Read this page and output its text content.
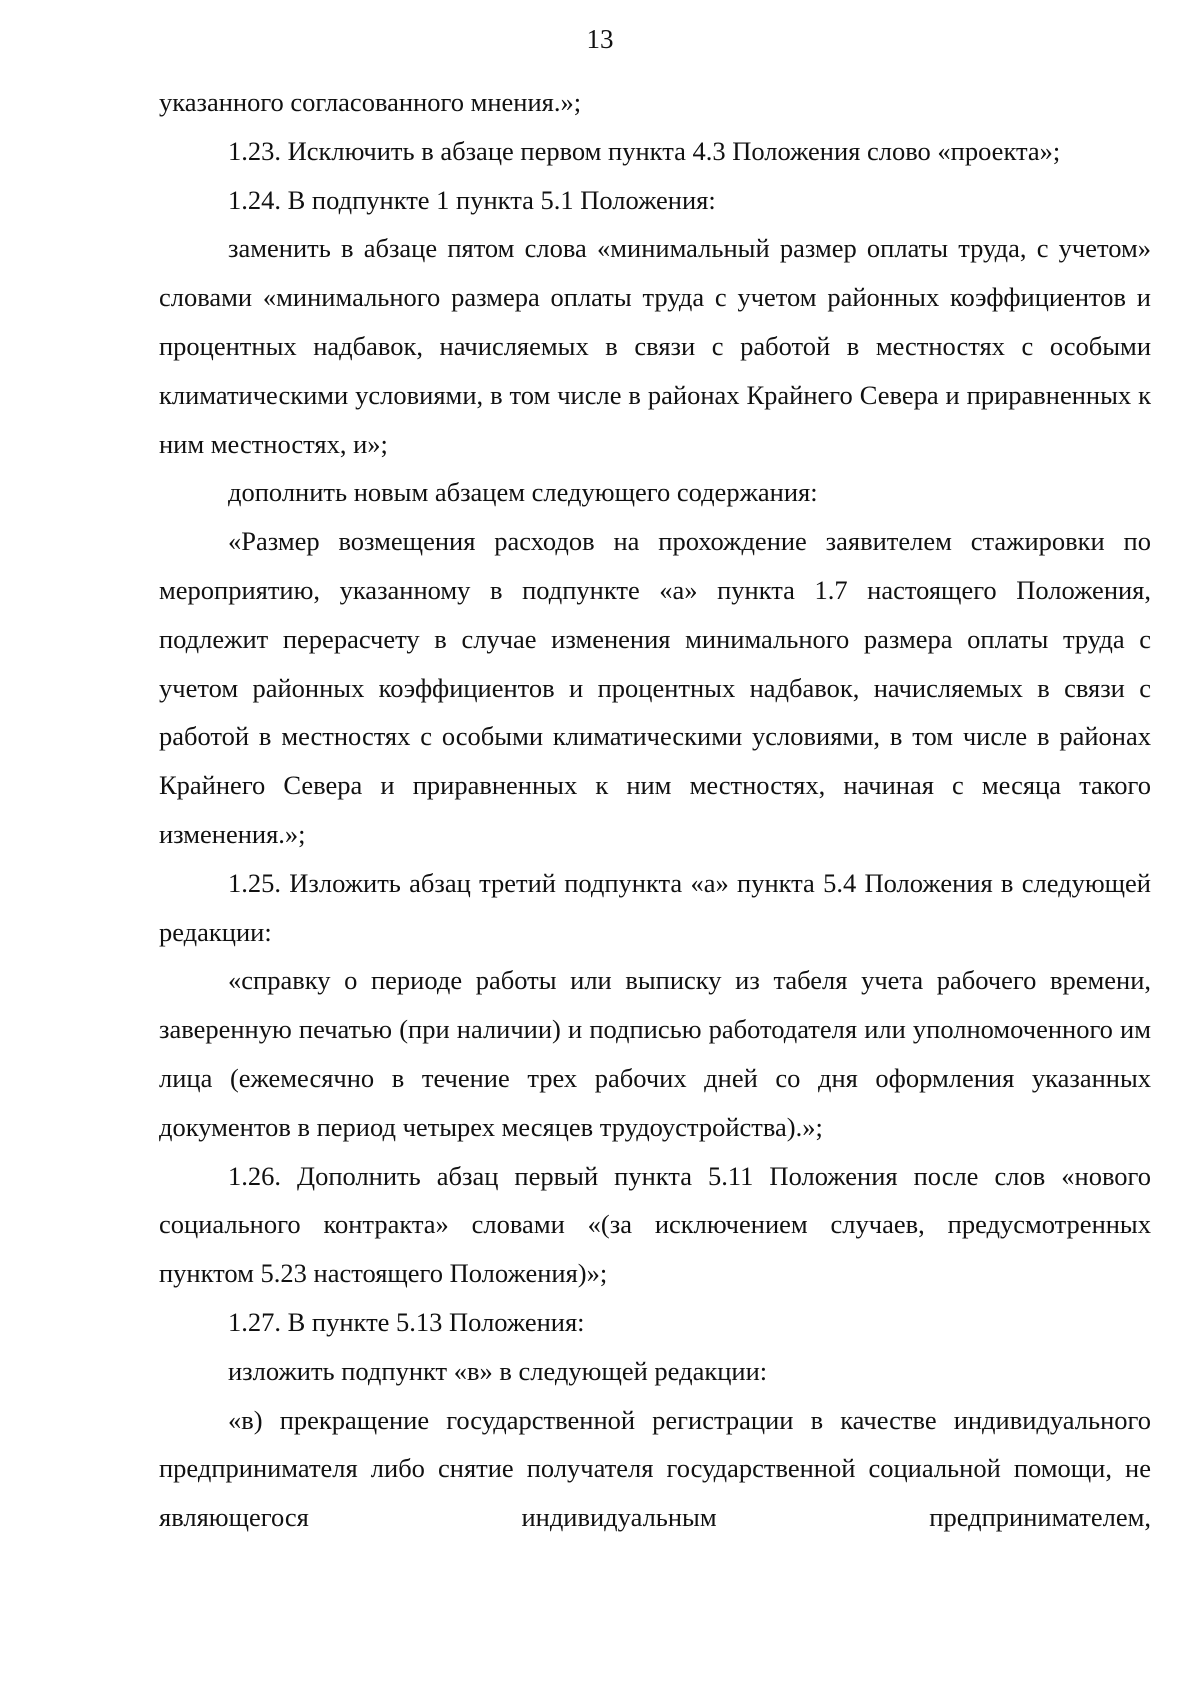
13

указанного согласованного мнения.»;

1.23. Исключить в абзаце первом пункта 4.3 Положения слово «проекта»;

1.24. В подпункте 1 пункта 5.1 Положения:

заменить в абзаце пятом слова «минимальный размер оплаты труда, с учетом» словами «минимального размера оплаты труда с учетом районных коэффициентов и процентных надбавок, начисляемых в связи с работой в местностях с особыми климатическими условиями, в том числе в районах Крайнего Севера и приравненных к ним местностях, и»;

дополнить новым абзацем следующего содержания:

«Размер возмещения расходов на прохождение заявителем стажировки по мероприятию, указанному в подпункте «а» пункта 1.7 настоящего Положения, подлежит перерасчету в случае изменения минимального размера оплаты труда с учетом районных коэффициентов и процентных надбавок, начисляемых в связи с работой в местностях с особыми климатическими условиями, в том числе в районах Крайнего Севера и приравненных к ним местностях, начиная с месяца такого изменения.»;

1.25. Изложить абзац третий подпункта «а» пункта 5.4 Положения в следующей редакции:

«справку о периоде работы или выписку из табеля учета рабочего времени, заверенную печатью (при наличии) и подписью работодателя или уполномоченного им лица (ежемесячно в течение трех рабочих дней со дня оформления указанных документов в период четырех месяцев трудоустройства).»;

1.26. Дополнить абзац первый пункта 5.11 Положения после слов «нового социального контракта» словами «(за исключением случаев, предусмотренных пунктом 5.23 настоящего Положения)»;

1.27. В пункте 5.13 Положения:

изложить подпункт «в» в следующей редакции:

«в) прекращение государственной регистрации в качестве индивидуального предпринимателя либо снятие получателя государственной социальной помощи, не являющегося индивидуальным предпринимателем,
